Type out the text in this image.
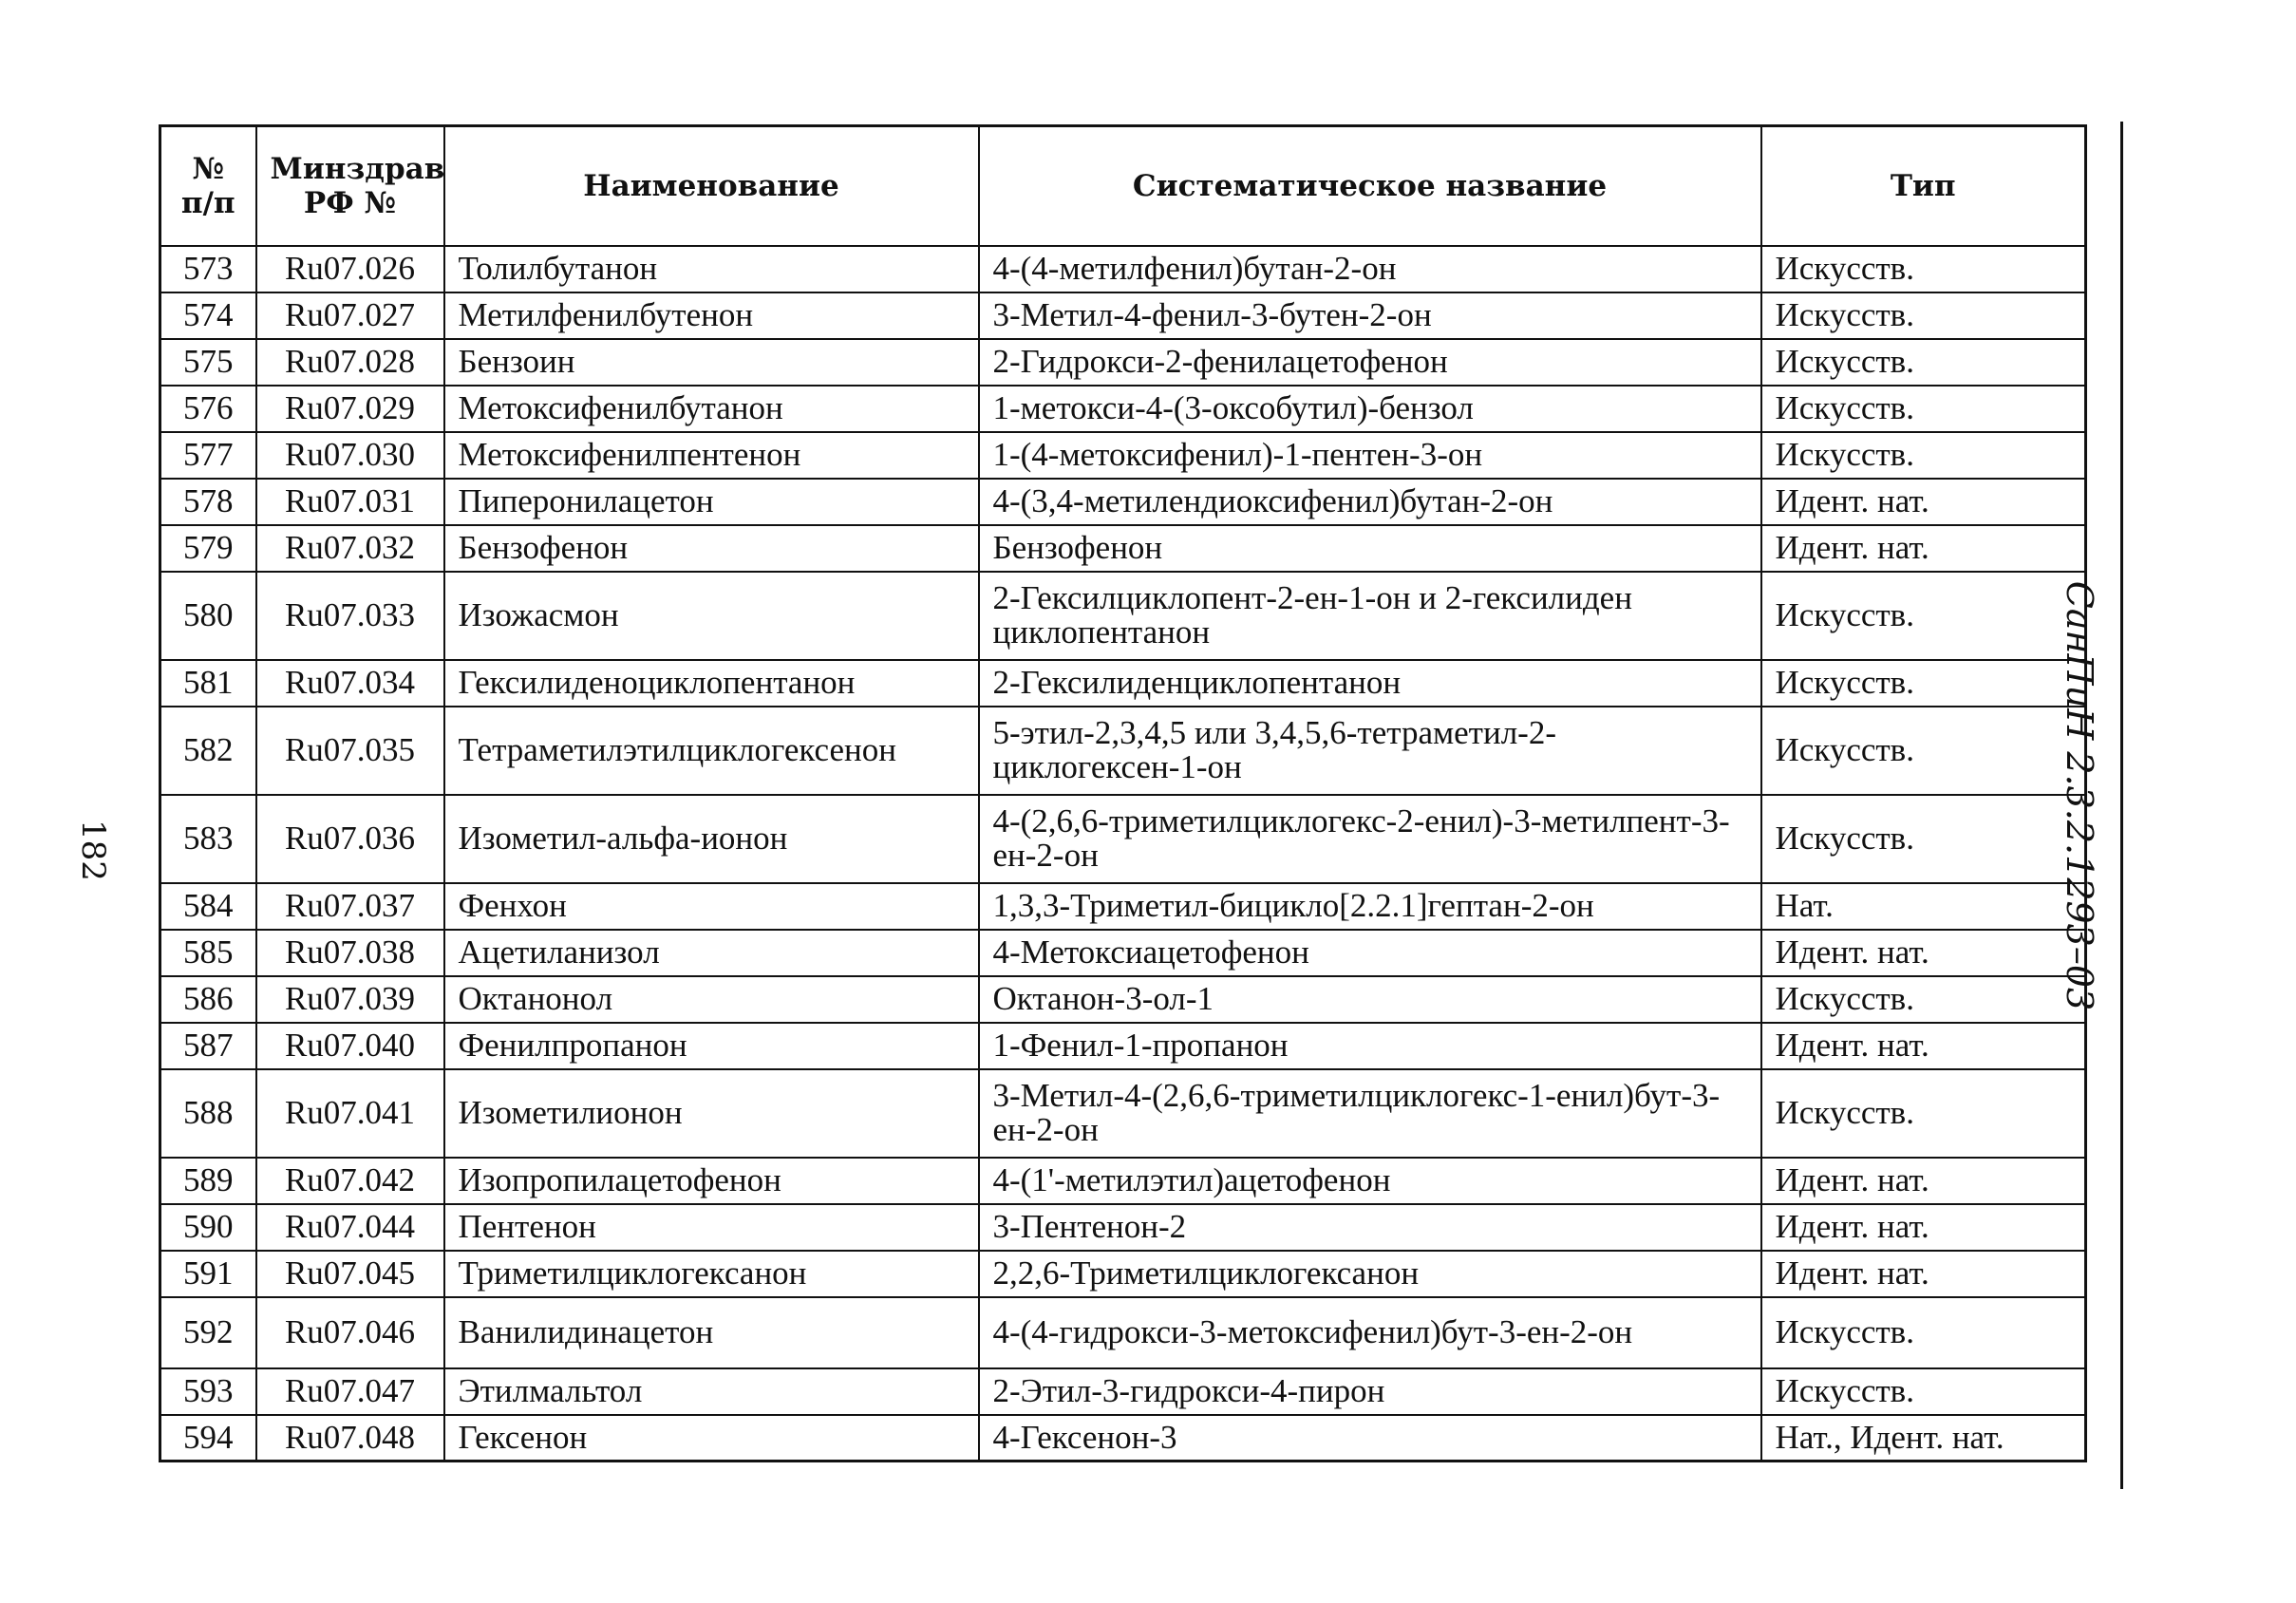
182	СанПиН 2.3.2.1293–03
№ п/п	Минздрав РФ №	Наименование	Систематическое название	Тип
573	Ru07.026	Толилбутанон	4-(4-метилфенил)бутан-2-он	Искусств.
574	Ru07.027	Метилфенилбутенон	3-Метил-4-фенил-3-бутен-2-он	Искусств.
575	Ru07.028	Бензоин	2-Гидрокси-2-фенилацетофенон	Искусств.
576	Ru07.029	Метоксифенилбутанон	1-метокси-4-(3-оксобутил)-бензол	Искусств.
577	Ru07.030	Метоксифенилпентенон	1-(4-метоксифенил)-1-пентен-3-он	Искусств.
578	Ru07.031	Пиперонилацетон	4-(3,4-метилендиоксифенил)бутан-2-он	Идент. нат.
579	Ru07.032	Бензофенон	Бензофенон	Идент. нат.
580	Ru07.033	Изожасмон	2-Гексилциклопент-2-ен-1-он и 2-гексилиден циклопентанон	Искусств.
581	Ru07.034	Гексилиденоциклопентанон	2-Гексилиденциклопентанон	Искусств.
582	Ru07.035	Тетраметилэтилциклогексенон	5-этил-2,3,4,5 или 3,4,5,6-тетраметил-2-циклогексен-1-он	Искусств.
583	Ru07.036	Изометил-альфа-ионон	4-(2,6,6-триметилциклогекс-2-енил)-3-метилпент-3-ен-2-он	Искусств.
584	Ru07.037	Фенхон	1,3,3-Триметил-бицикло[2.2.1]гептан-2-он	Нат.
585	Ru07.038	Ацетиланизол	4-Метоксиацетофенон	Идент. нат.
586	Ru07.039	Октанонол	Октанон-3-ол-1	Искусств.
587	Ru07.040	Фенилпропанон	1-Фенил-1-пропанон	Идент. нат.
588	Ru07.041	Изометилионон	3-Метил-4-(2,6,6-триметилциклогекс-1-енил)бут-3-ен-2-он	Искусств.
589	Ru07.042	Изопропилацетофенон	4-(1'-метилэтил)ацетофенон	Идент. нат.
590	Ru07.044	Пентенон	3-Пентенон-2	Идент. нат.
591	Ru07.045	Триметилциклогексанон	2,2,6-Триметилциклогексанон	Идент. нат.
592	Ru07.046	Ванилидинацетон	4-(4-гидрокси-3-метоксифенил)бут-3-ен-2-он	Искусств.
593	Ru07.047	Этилмальтол	2-Этил-3-гидрокси-4-пирон	Искусств.
594	Ru07.048	Гексенон	4-Гексенон-3	Нат., Идент. нат.
